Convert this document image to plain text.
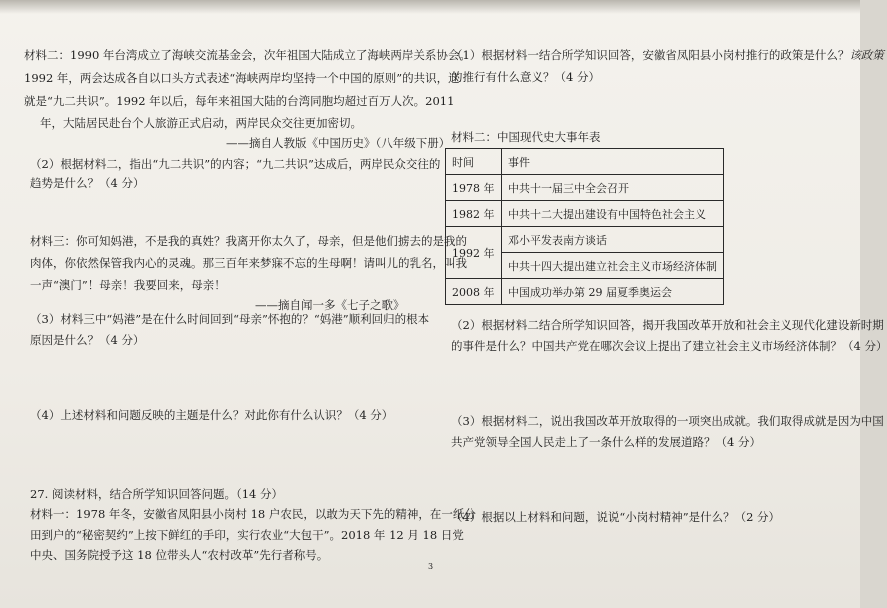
材料二：1990 年台湾成立了海峡交流基金会，次年祖国大陆成立了海峡两岸关系协会。
1992 年，两会达成各自以口头方式表述“海峡两岸均坚持一个中国的原则”的共识，这
就是“九二共识”。1992 年以后，每年来祖国大陆的台湾同胞均超过百万人次。2011
年，大陆居民赴台个人旅游正式启动，两岸民众交往更加密切。
——摘自人教版《中国历史》（八年级下册）
（2）根据材料二，指出“九二共识”的内容；“九二共识”达成后，两岸民众交往的
趋势是什么？（4 分）
材料三：你可知妈港，不是我的真姓？我离开你太久了，母亲，但是他们掳去的是我的
肉体，你依然保管我内心的灵魂。那三百年来梦寐不忘的生母啊！请叫儿的乳名，叫我
一声“澳门”！母亲！我要回来，母亲！
——摘自闻一多《七子之歌》
（3）材料三中“妈港”是在什么时间回到“母亲”怀抱的？“妈港”顺利回归的根本
原因是什么？（4 分）
（4）上述材料和问题反映的主题是什么？对此你有什么认识？（4 分）
27. 阅读材料，结合所学知识回答问题。（14 分）
材料一：1978 年冬，安徽省凤阳县小岗村 18 户农民，以敢为天下先的精神，在一纸分
田到户的“秘密契约”上按下鲜红的手印，实行农业“大包干”。2018 年 12 月 18 日党
中央、国务院授予这 18 位带头人“农村改革”先行者称号。
（1）根据材料一结合所学知识回答，安徽省凤阳县小岗村推行的政策是什么？该政策
的推行有什么意义？（4 分）
材料二：中国现代史大事年表
时间	事件
1978 年	中共十一届三中全会召开
1982 年	中共十二大提出建设有中国特色社会主义
1992 年	邓小平发表南方谈话
	中共十四大提出建立社会主义市场经济体制
2008 年	中国成功举办第 29 届夏季奥运会
（2）根据材料二结合所学知识回答，揭开我国改革开放和社会主义现代化建设新时期
的事件是什么？中国共产党在哪次会议上提出了建立社会主义市场经济体制？（4 分）
（3）根据材料二，说出我国改革开放取得的一项突出成就。我们取得成就是因为中国
共产党领导全国人民走上了一条什么样的发展道路？（4 分）
（4）根据以上材料和问题，说说“小岗村精神”是什么？（2 分）
3
